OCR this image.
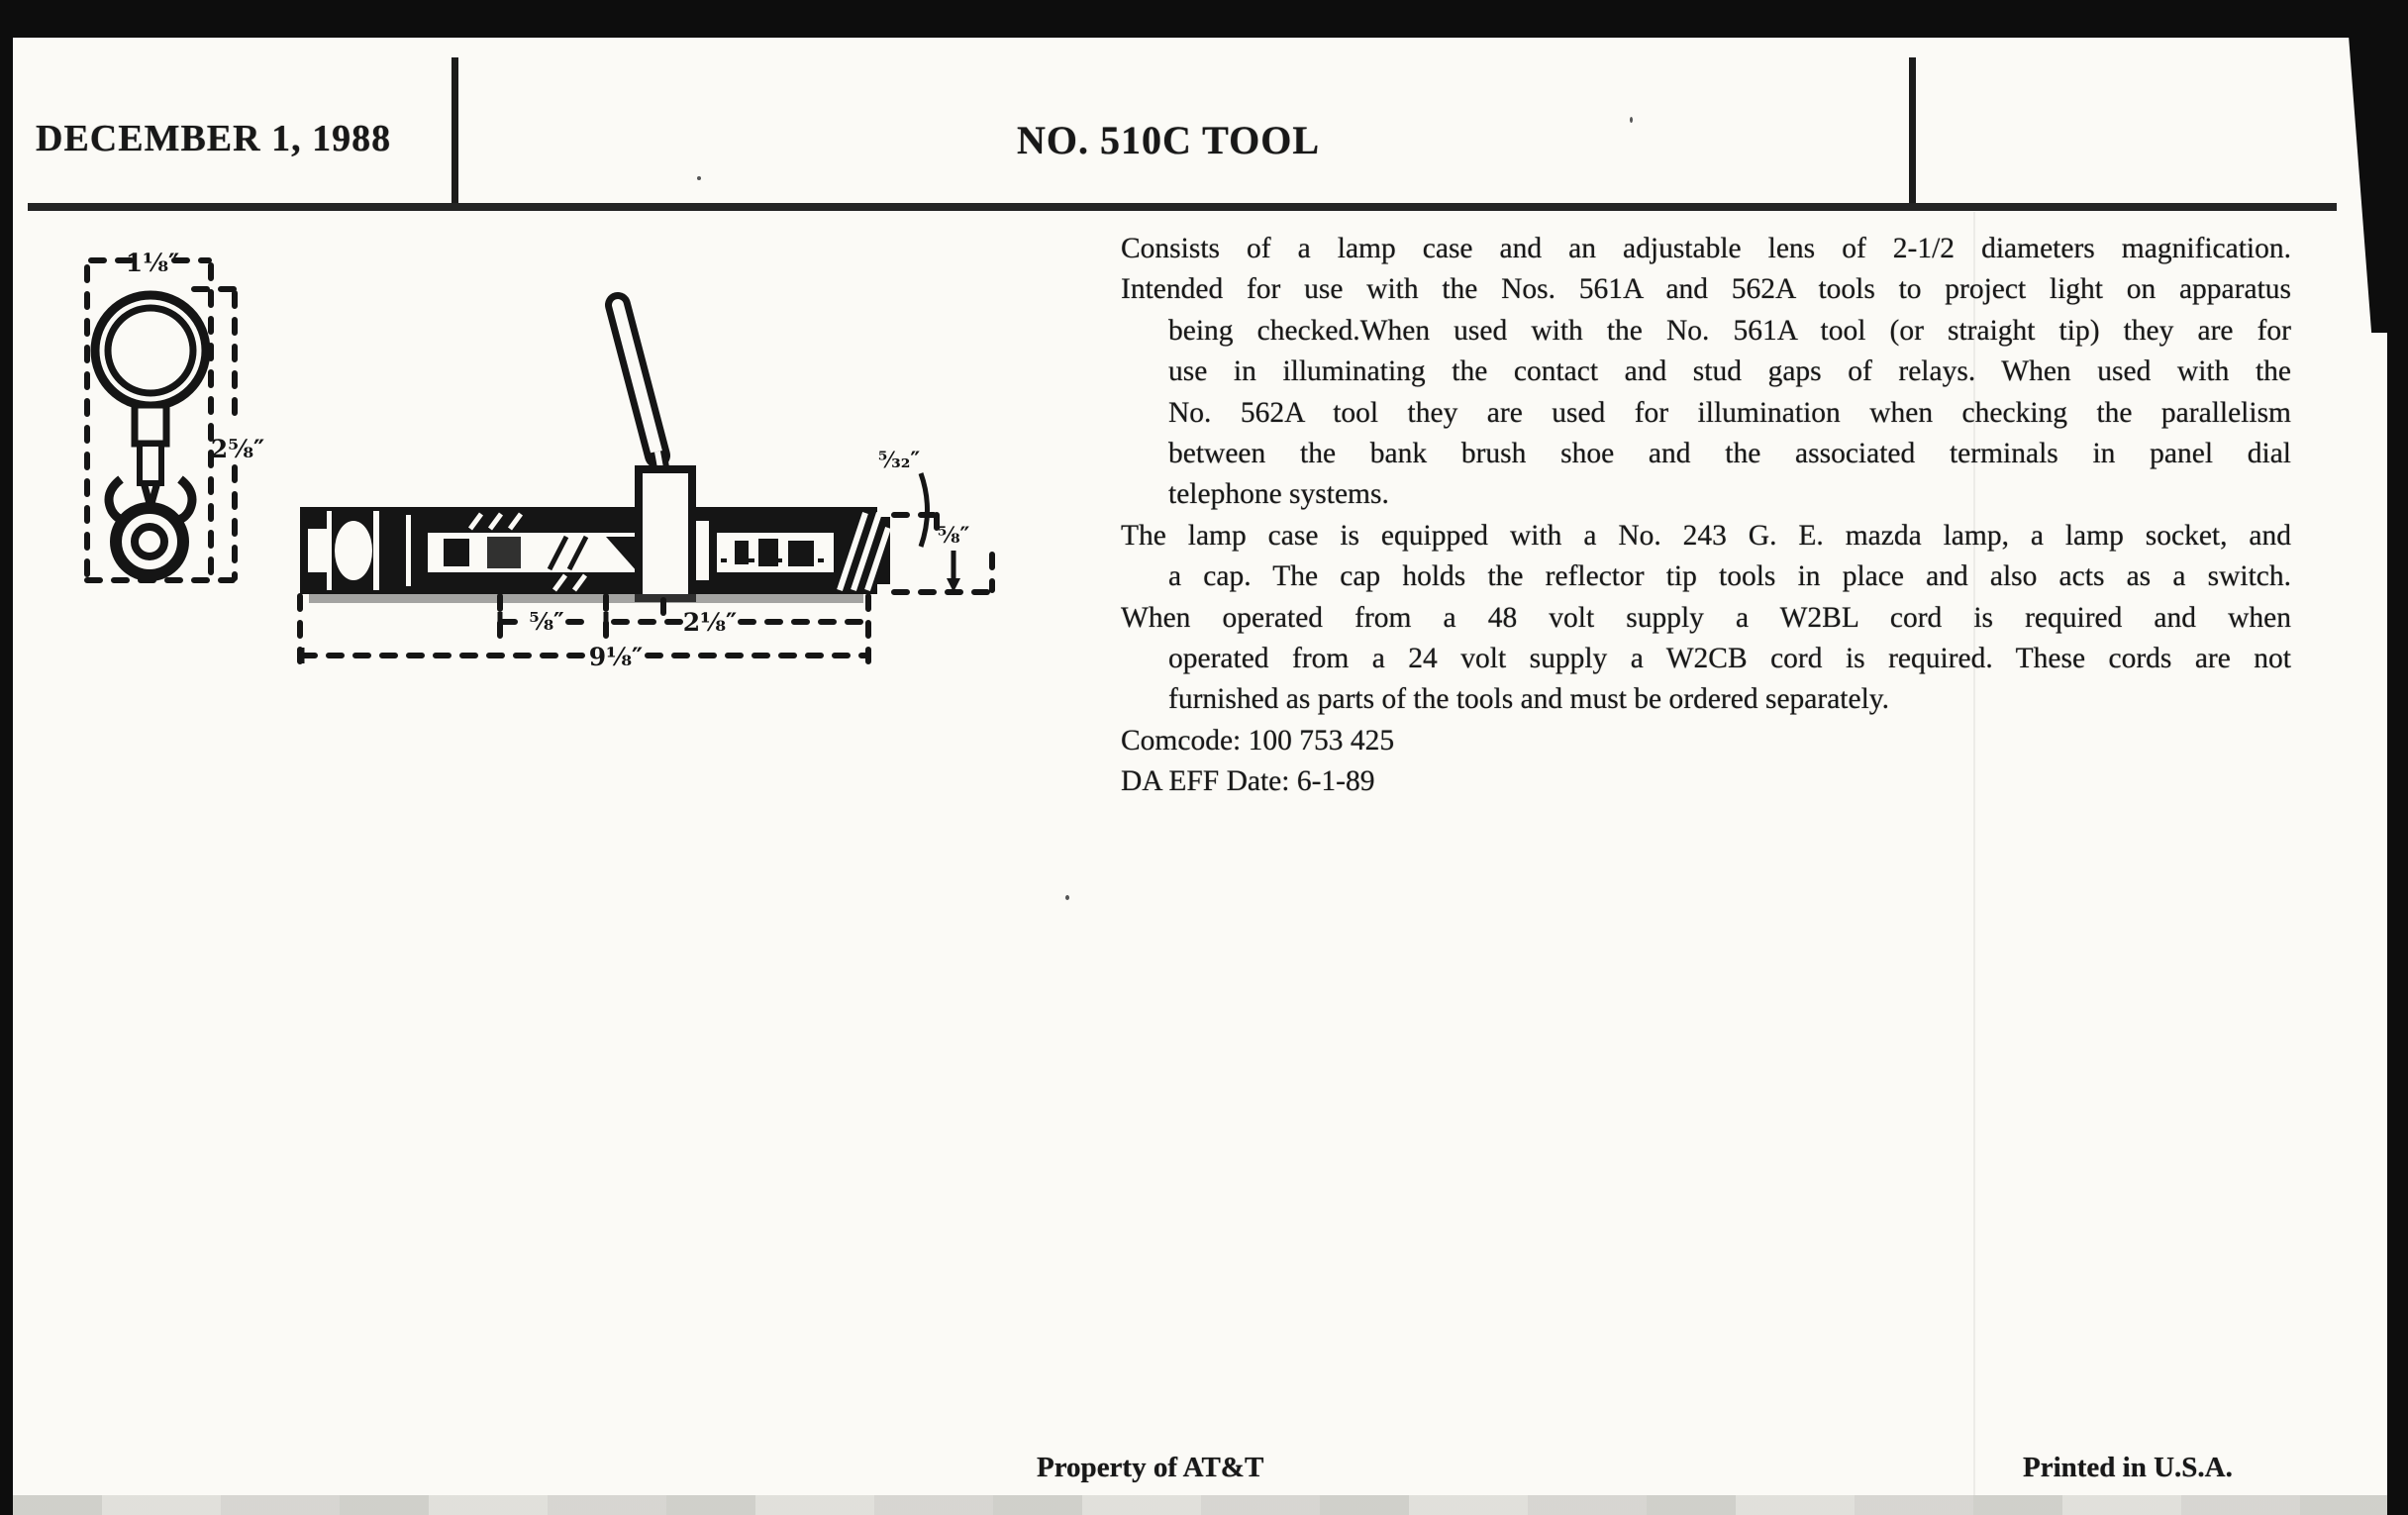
DECEMBER 1, 1988	NO. 510C TOOL
1⅛″
2⅝″	⁵⁄₃₂″
⅝″
⅝″	2⅛″
9⅛″
Consists of a lamp case and an adjustable lens of 2-1/2 diameters magnification.
Intended for use with the Nos. 561A and 562A tools to project light on apparatus
being checked.When used with the No. 561A tool (or straight tip) they are for
use in illuminating the contact and stud gaps of relays. When used with the
No. 562A tool they are used for illumination when checking the parallelism
between the bank brush shoe and the associated terminals in panel dial
telephone systems.
The lamp case is equipped with a No. 243 G. E. mazda lamp, a lamp socket, and
a cap. The cap holds the reflector tip tools in place and also acts as a switch.
When operated from a 48 volt supply a W2BL cord is required and when
operated from a 24 volt supply a W2CB cord is required. These cords are not
furnished as parts of the tools and must be ordered separately.
Comcode: 100 753 425
DA EFF Date: 6-1-89
Property of AT&T	Printed in U.S.A.
